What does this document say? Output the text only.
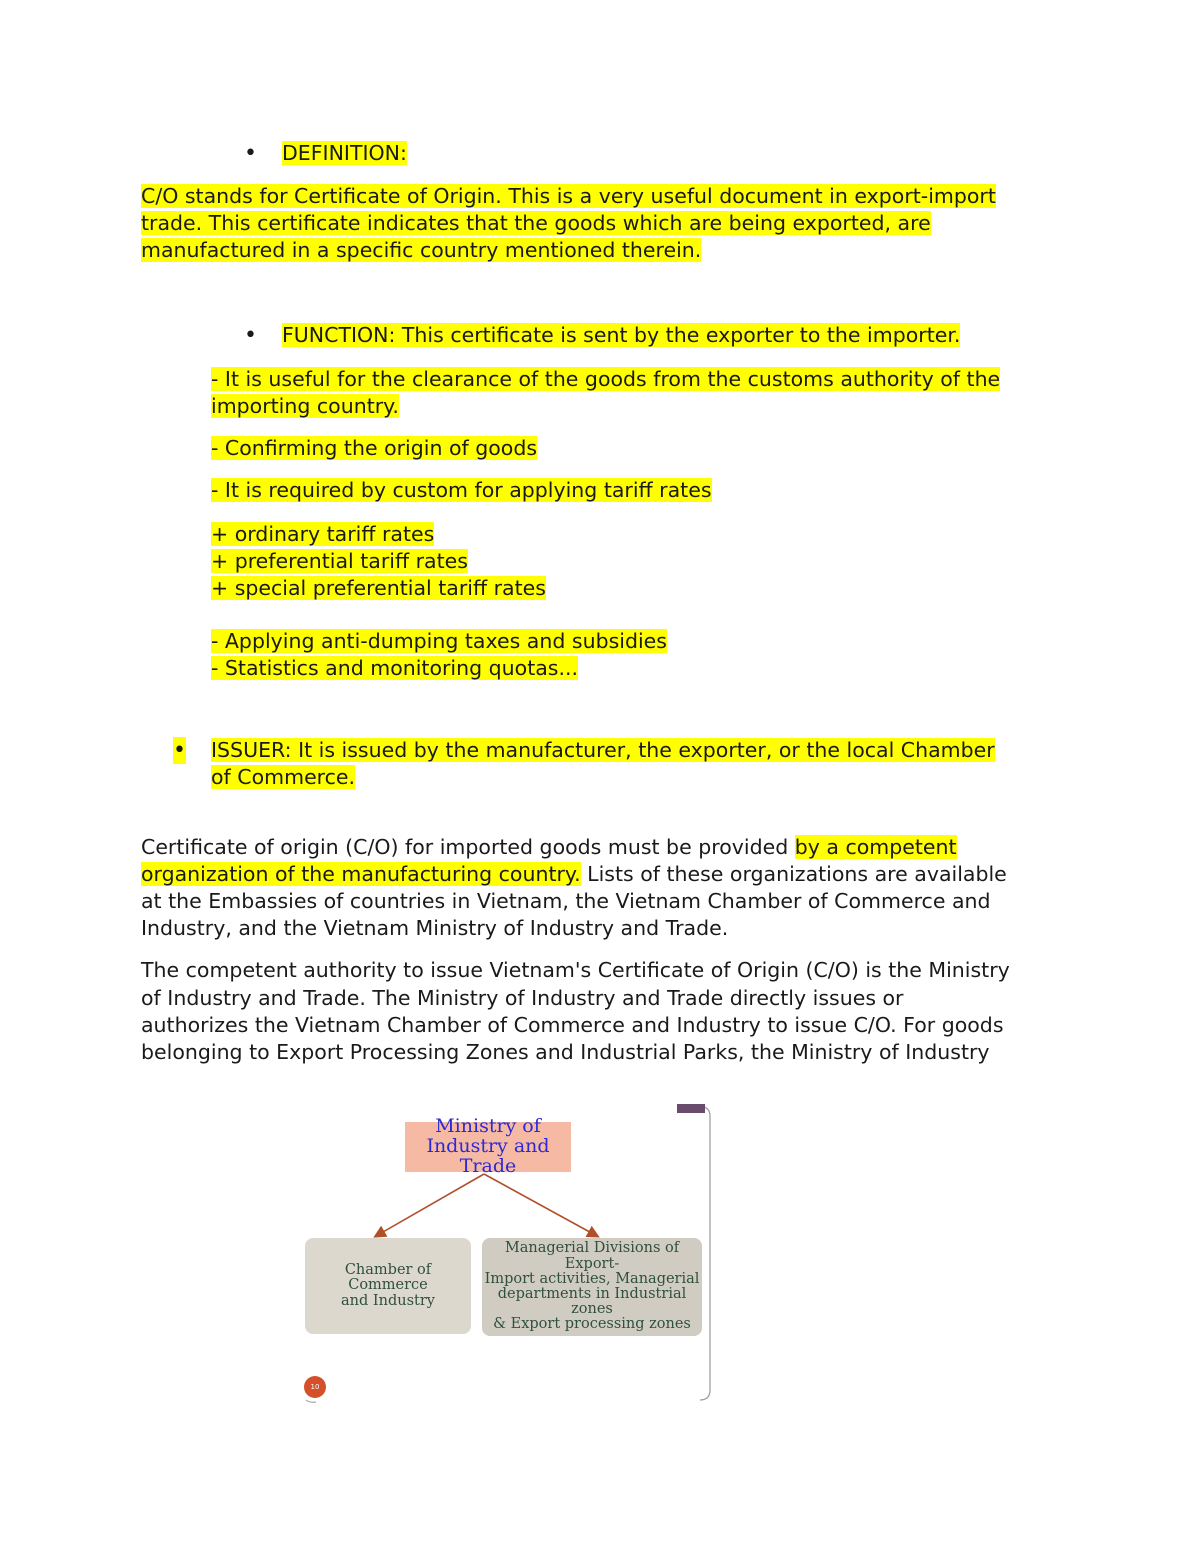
• DEFINITION:
C/O stands for Certificate of Origin. This is a very useful document in export-import
trade. This certificate indicates that the goods which are being exported, are
manufactured in a specific country mentioned therein.
• FUNCTION: This certificate is sent by the exporter to the importer.
- It is useful for the clearance of the goods from the customs authority of the
importing country.
- Confirming the origin of goods
- It is required by custom for applying tariff rates
+ ordinary tariff rates
+ preferential tariff rates
+ special preferential tariff rates
- Applying anti-dumping taxes and subsidies
- Statistics and monitoring quotas...
• ISSUER: It is issued by the manufacturer, the exporter, or the local Chamber
of Commerce.
Certificate of origin (C/O) for imported goods must be provided by a competent
organization of the manufacturing country. Lists of these organizations are available
at the Embassies of countries in Vietnam, the Vietnam Chamber of Commerce and
Industry, and the Vietnam Ministry of Industry and Trade.
The competent authority to issue Vietnam's Certificate of Origin (C/O) is the Ministry
of Industry and Trade. The Ministry of Industry and Trade directly issues or
authorizes the Vietnam Chamber of Commerce and Industry to issue C/O. For goods
belonging to Export Processing Zones and Industrial Parks, the Ministry of Industry
Ministry of
Industry and Trade
Chamber of Commerce
and Industry
Managerial Divisions of Export-
Import activities, Managerial
departments in Industrial zones
& Export processing zones
10
